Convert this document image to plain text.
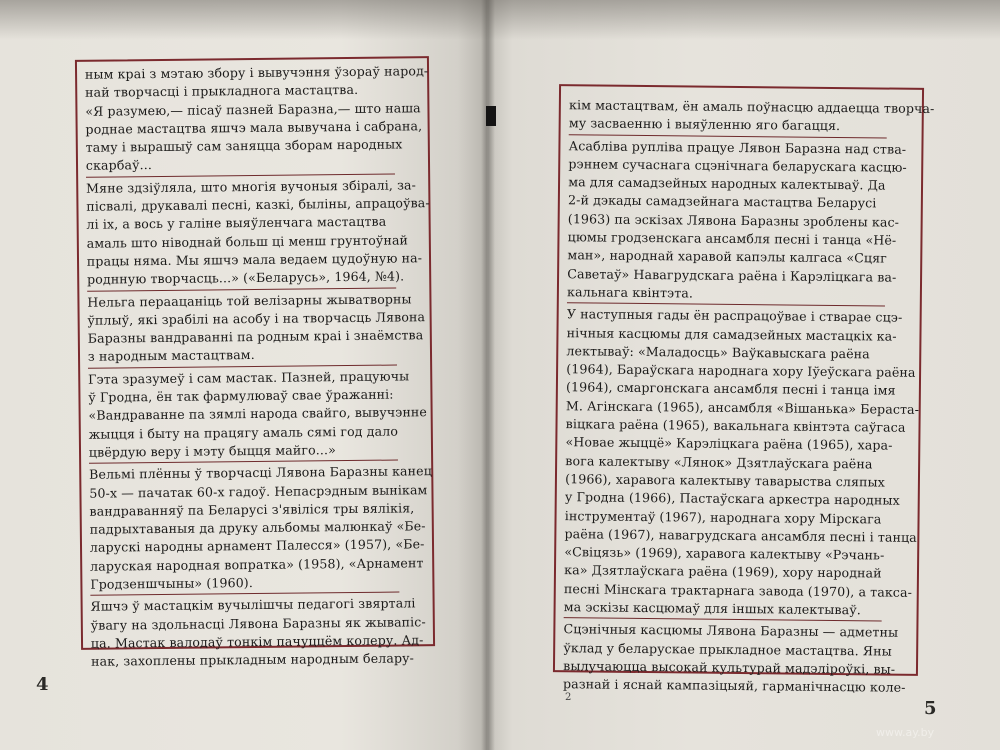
ным краі з мэтаю збору і вывучэння ўзораў народ-
най творчасці і прыкладнога мастацтва.
«Я разумею,— пісаў пазней Баразна,— што наша
роднае мастацтва яшчэ мала вывучана і сабрана,
таму і вырашыў сам заняцца зборам народных
скарбаў...
Мяне здзіўляла, што многія вучоныя збіралі, за-
пісвалі, друкавалі песні, казкі, быліны, апрацоўва-
лі іх, а вось у галіне выяўленчага мастацтва
амаль што ніводнай больш ці менш грунтоўнай
працы няма. Мы яшчэ мала ведаем цудоўную на-
роднную творчасць...» («Беларусь», 1964, №4).
Нельга пераацаніць той велізарны жыватворны
ўплыў, які зрабілі на асобу і на творчасць Лявона
Баразны вандраванні па родным краі і знаёмства
з народным мастацтвам.
Гэта зразумеў і сам мастак. Пазней, працуючы
ў Гродна, ён так фармулюваў свае ўражанні:
«Вандраванне па зямлі народа свайго, вывучэнне
жыцця і быту на працягу амаль сямі год дало
цвёрдую веру і мэту быцця майго...»
Вельмі плённы ў творчасці Лявона Баразны канец
50-х — пачатак 60-х гадоў. Непасрэдным вынікам
вандраванняў па Беларусі з'явіліся тры вялікія,
падрыхтаваныя да друку альбомы малюнкаў «Бе-
ларускі народны арнамент Палесся» (1957), «Бе-
ларуская народная вопратка» (1958), «Арнамент
Гродзеншчыны» (1960).
Яшчэ ў мастацкім вучылішчы педагогі звярталі
ўвагу на здольнасці Лявона Баразны як жывапіс-
ца. Мастак валодаў тонкім пачуццём колеру. Ад-
нак, захоплены прыкладным народным белару-
кім мастацтвам, ён амаль поўнасцю аддаецца творча-
му засваенню і выяўленню яго багацця.
Асабліва руплiва працуе Лявон Баразна над ства-
рэннем сучаснага сцэнічнага беларускага касцю-
ма для самадзейных народных калектываў. Да
2-й дэкады самадзейнага мастацтва Беларусі
(1963) па эскізах Лявона Баразны зроблены кас-
цюмы гродзенскага ансамбля песні і танца «Нё-
ман», народнай харавой капэлы калгаса «Сцяг
Саветаў» Навагрудскага раёна і Карэліцкага ва-
кальнага квінтэта.
У наступныя гады ён распрацоўвае і стварае сцэ-
нічныя касцюмы для самадзейных мастацкіх ка-
лектываў: «Маладосць» Ваўкавыскага раёна
(1964), Бараўскага народнага хору Іўеўскага раёна
(1964), смаргонскага ансамбля песні і танца імя
М. Агінскага (1965), ансамбля «Вішанька» Бераста-
віцкага раёна (1965), вакальнага квінтэта саўгаса
«Новае жыццё» Карэліцкага раёна (1965), хара-
вога калектыву «Лянок» Дзятлаўскага раёна
(1966), харавога калектыву таварыства сляпых
у Гродна (1966), Пастаўскага аркестра народных
інструментаў (1967), народнага хору Мірскага
раёна (1967), навагрудскага ансамбля песні і танца
«Свіцязь» (1969), харавога калектыву «Рэчань-
ка» Дзятлаўскага раёна (1969), хору народнай
песні Мінскага трактарнага завода (1970), а такса-
ма эскізы касцюмаў для іншых калектываў.
Сцэнічныя касцюмы Лявона Баразны — адметны
ўклад у беларускае прыкладное мастацтва. Яны
вылучаюцца высокай культурай мадэліроўкі, вы-
разнай і яснай кампазіцыяй, гарманічнасцю коле-
4
5
2
www.ay.by
